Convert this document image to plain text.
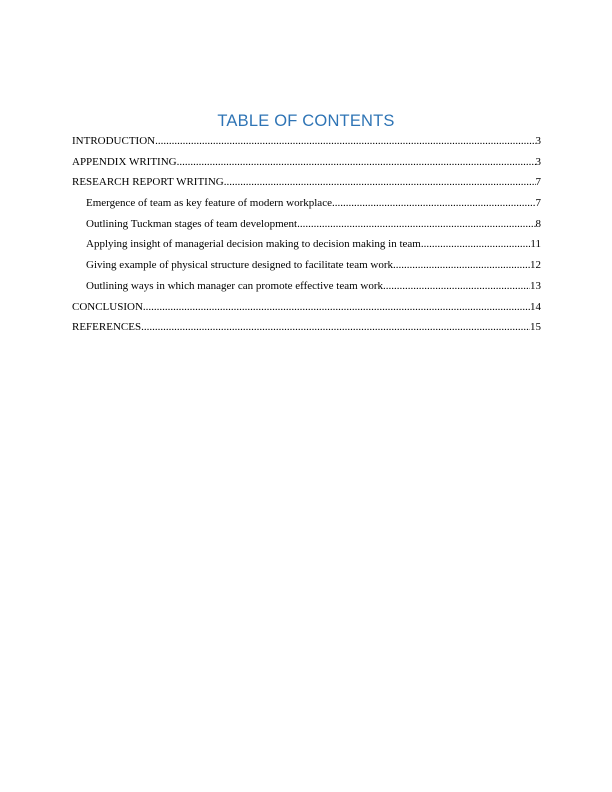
TABLE OF CONTENTS
INTRODUCTION .....	3
APPENDIX WRITING .....	3
RESEARCH REPORT WRITING .....	7
Emergence of team as key feature of modern workplace .....	7
Outlining Tuckman stages of team development .....	8
Applying insight of managerial decision making to decision making in team .....	11
Giving example of physical structure designed to facilitate team work .....	12
Outlining ways in which manager can promote effective team work .....	13
CONCLUSION .....	14
REFERENCES .....	15
